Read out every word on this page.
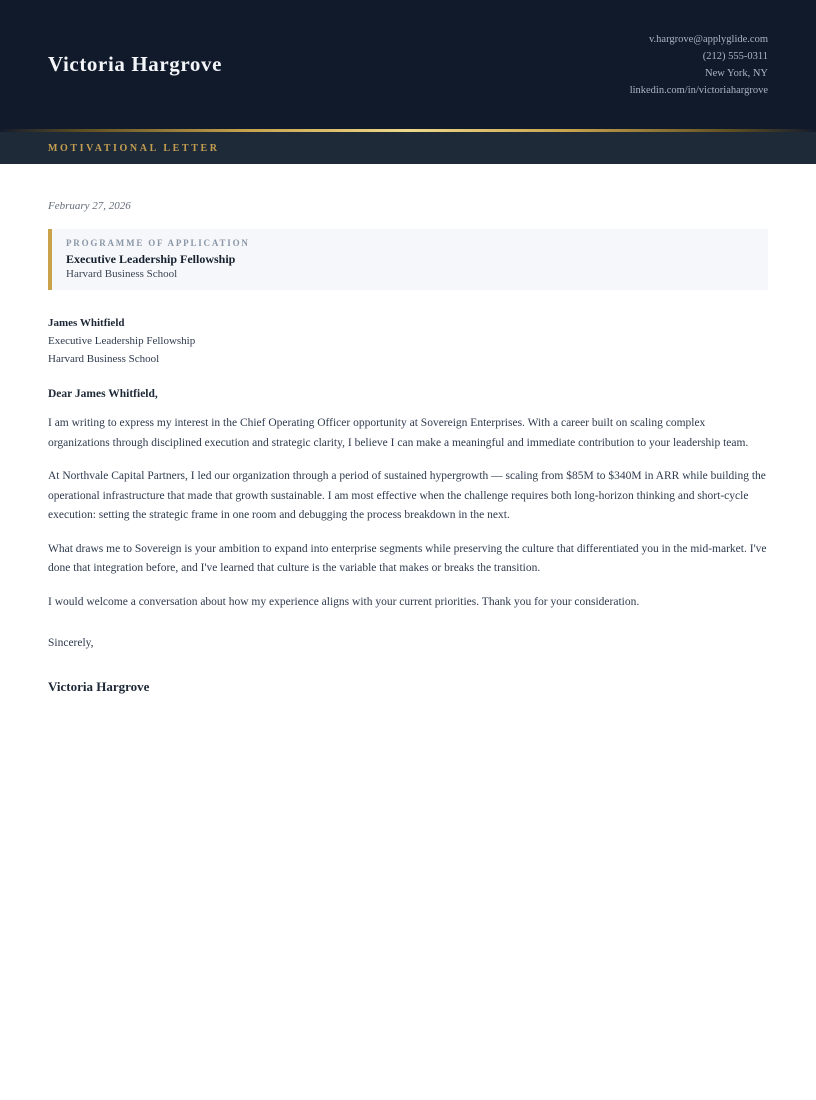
Victoria Hargrove
v.hargrove@applyglide.com
(212) 555-0311
New York, NY
linkedin.com/in/victoriahargrove
MOTIVATIONAL LETTER
February 27, 2026
PROGRAMME OF APPLICATION
Executive Leadership Fellowship
Harvard Business School
James Whitfield
Executive Leadership Fellowship
Harvard Business School

Dear James Whitfield,

I am writing to express my interest in the Chief Operating Officer opportunity at Sovereign Enterprises. With a career built on scaling complex organizations through disciplined execution and strategic clarity, I believe I can make a meaningful and immediate contribution to your leadership team.

At Northvale Capital Partners, I led our organization through a period of sustained hypergrowth — scaling from $85M to $340M in ARR while building the operational infrastructure that made that growth sustainable. I am most effective when the challenge requires both long-horizon thinking and short-cycle execution: setting the strategic frame in one room and debugging the process breakdown in the next.

What draws me to Sovereign is your ambition to expand into enterprise segments while preserving the culture that differentiated you in the mid-market. I've done that integration before, and I've learned that culture is the variable that makes or breaks the transition.

I would welcome a conversation about how my experience aligns with your current priorities. Thank you for your consideration.

Sincerely,

Victoria Hargrove
